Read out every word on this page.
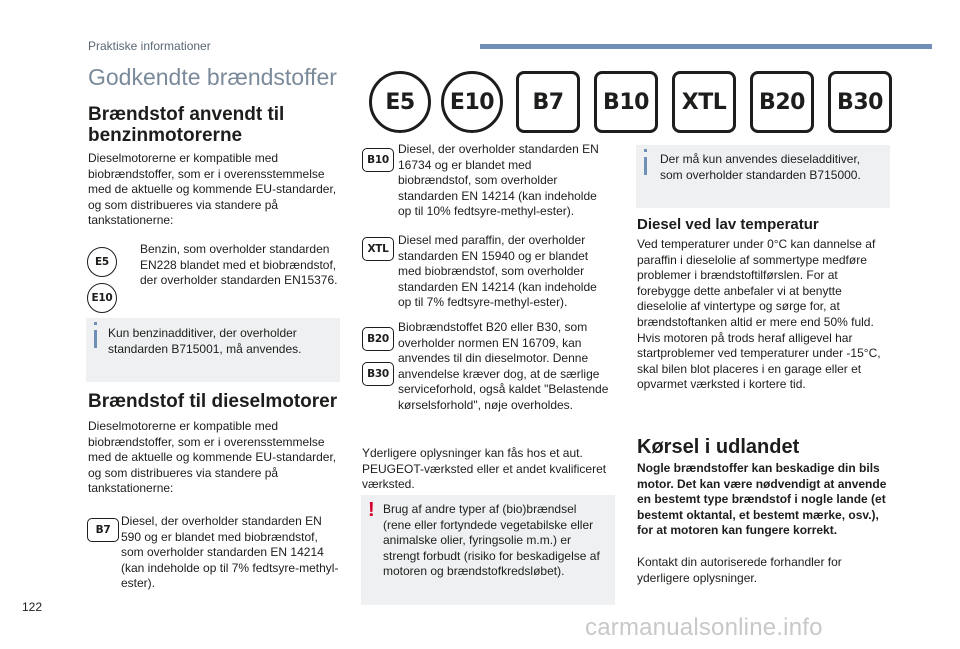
Praktiske informationer
Godkendte brændstoffer
E5	E10	B7	B10	XTL	B20	B30
Brændstof anvendt til benzinmotorerne
Dieselmotorerne er kompatible med biobrændstoffer, som er i overensstemmelse med de aktuelle og kommende EU-standarder, og som distribueres via standere på tankstationerne:
E5
E10
Benzin, som overholder standarden EN228 blandet med et biobrændstof, der overholder standarden EN15376.
Kun benzinadditiver, der overholder standarden B715001, må anvendes.
Brændstof til dieselmotorer
Dieselmotorerne er kompatible med biobrændstoffer, som er i overensstemmelse med de aktuelle og kommende EU-standarder, og som distribueres via standere på tankstationerne:
B7
Diesel, der overholder standarden EN 590 og er blandet med biobrændstof, som overholder standarden EN 14214 (kan indeholde op til 7% fedtsyre-methyl-ester).
B10
Diesel, der overholder standarden EN 16734 og er blandet med biobrændstof, som overholder standarden EN 14214 (kan indeholde op til 10% fedtsyre-methyl-ester).
XTL
Diesel med paraffin, der overholder standarden EN 15940 og er blandet med biobrændstof, som overholder standarden EN 14214 (kan indeholde op til 7% fedtsyre-methyl-ester).
B20
B30
Biobrændstoffet B20 eller B30, som overholder normen EN 16709, kan anvendes til din dieselmotor. Denne anvendelse kræver dog, at de særlige serviceforhold, også kaldet "Belastende kørselsforhold", nøje overholdes.
Yderligere oplysninger kan fås hos et aut. PEUGEOT-værksted eller et andet kvalificeret værksted.
! Brug af andre typer af (bio)brændsel (rene eller fortyndede vegetabilske eller animalske olier, fyringsolie m.m.) er strengt forbudt (risiko for beskadigelse af motoren og brændstofkredsløbet).
Der må kun anvendes dieseladditiver, som overholder standarden B715000.
Diesel ved lav temperatur
Ved temperaturer under 0°C kan dannelse af paraffin i dieselolie af sommertype medføre problemer i brændstoftilførslen. For at forebygge dette anbefaler vi at benytte dieselolie af vintertype og sørge for, at brændstoftanken altid er mere end 50% fuld. Hvis motoren på trods heraf alligevel har startproblemer ved temperaturer under -15°C, skal bilen blot placeres i en garage eller et opvarmet værksted i kortere tid.
Kørsel i udlandet
Nogle brændstoffer kan beskadige din bils motor. Det kan være nødvendigt at anvende en bestemt type brændstof i nogle lande (et bestemt oktantal, et bestemt mærke, osv.), for at motoren kan fungere korrekt.
Kontakt din autoriserede forhandler for yderligere oplysninger.
122
carmanualsonline.info
